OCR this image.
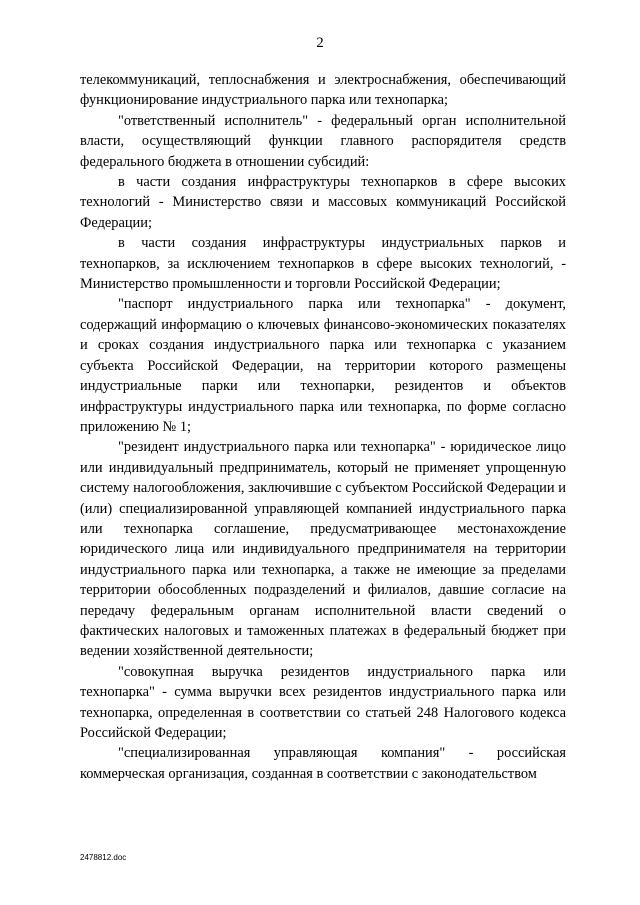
2

телекоммуникаций, теплоснабжения и электроснабжения, обеспечивающий функционирование индустриального парка или технопарка;

"ответственный исполнитель" - федеральный орган исполнительной власти, осуществляющий функции главного распорядителя средств федерального бюджета в отношении субсидий:

в части создания инфраструктуры технопарков в сфере высоких технологий - Министерство связи и массовых коммуникаций Российской Федерации;

в части создания инфраструктуры индустриальных парков и технопарков, за исключением технопарков в сфере высоких технологий, - Министерство промышленности и торговли Российской Федерации;

"паспорт индустриального парка или технопарка" - документ, содержащий информацию о ключевых финансово-экономических показателях и сроках создания индустриального парка или технопарка с указанием субъекта Российской Федерации, на территории которого размещены индустриальные парки или технопарки, резидентов и объектов инфраструктуры индустриального парка или технопарка, по форме согласно приложению № 1;

"резидент индустриального парка или технопарка" - юридическое лицо или индивидуальный предприниматель, который не применяет упрощенную систему налогообложения, заключившие с субъектом Российской Федерации и (или) специализированной управляющей компанией индустриального парка или технопарка соглашение, предусматривающее местонахождение юридического лица или индивидуального предпринимателя на территории индустриального парка или технопарка, а также не имеющие за пределами территории обособленных подразделений и филиалов, давшие согласие на передачу федеральным органам исполнительной власти сведений о фактических налоговых и таможенных платежах в федеральный бюджет при ведении хозяйственной деятельности;

"совокупная выручка резидентов индустриального парка или технопарка" - сумма выручки всех резидентов индустриального парка или технопарка, определенная в соответствии со статьей 248 Налогового кодекса Российской Федерации;

"специализированная управляющая компания" - российская коммерческая организация, созданная в соответствии с законодательством

2478812.doc
